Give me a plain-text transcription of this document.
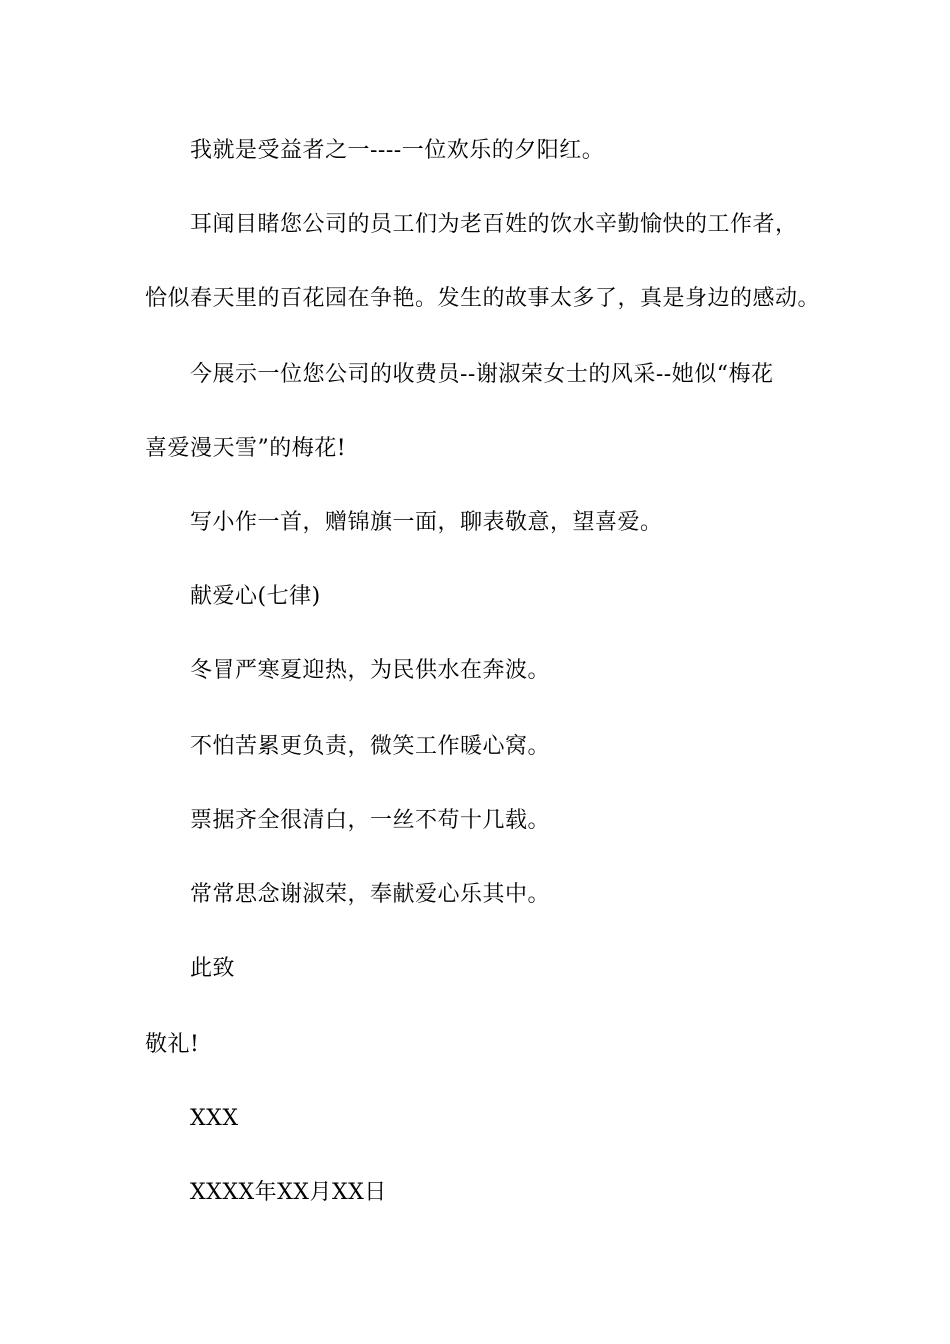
我就是受益者之一----一位欢乐的夕阳红。

耳闻目睹您公司的员工们为老百姓的饮水辛勤愉快的工作者，

恰似春天里的百花园在争艳。发生的故事太多了，真是身边的感动。

今展示一位您公司的收费员--谢淑荣女士的风采--她似“梅花

喜爱漫天雪”的梅花!

写小作一首，赠锦旗一面，聊表敬意，望喜爱。

献爱心(七律)

冬冒严寒夏迎热，为民供水在奔波。

不怕苦累更负责，微笑工作暖心窝。

票据齐全很清白，一丝不苟十几载。

常常思念谢淑荣，奉献爱心乐其中。

此致

敬礼!

XXX

XXXX年XX月XX日
